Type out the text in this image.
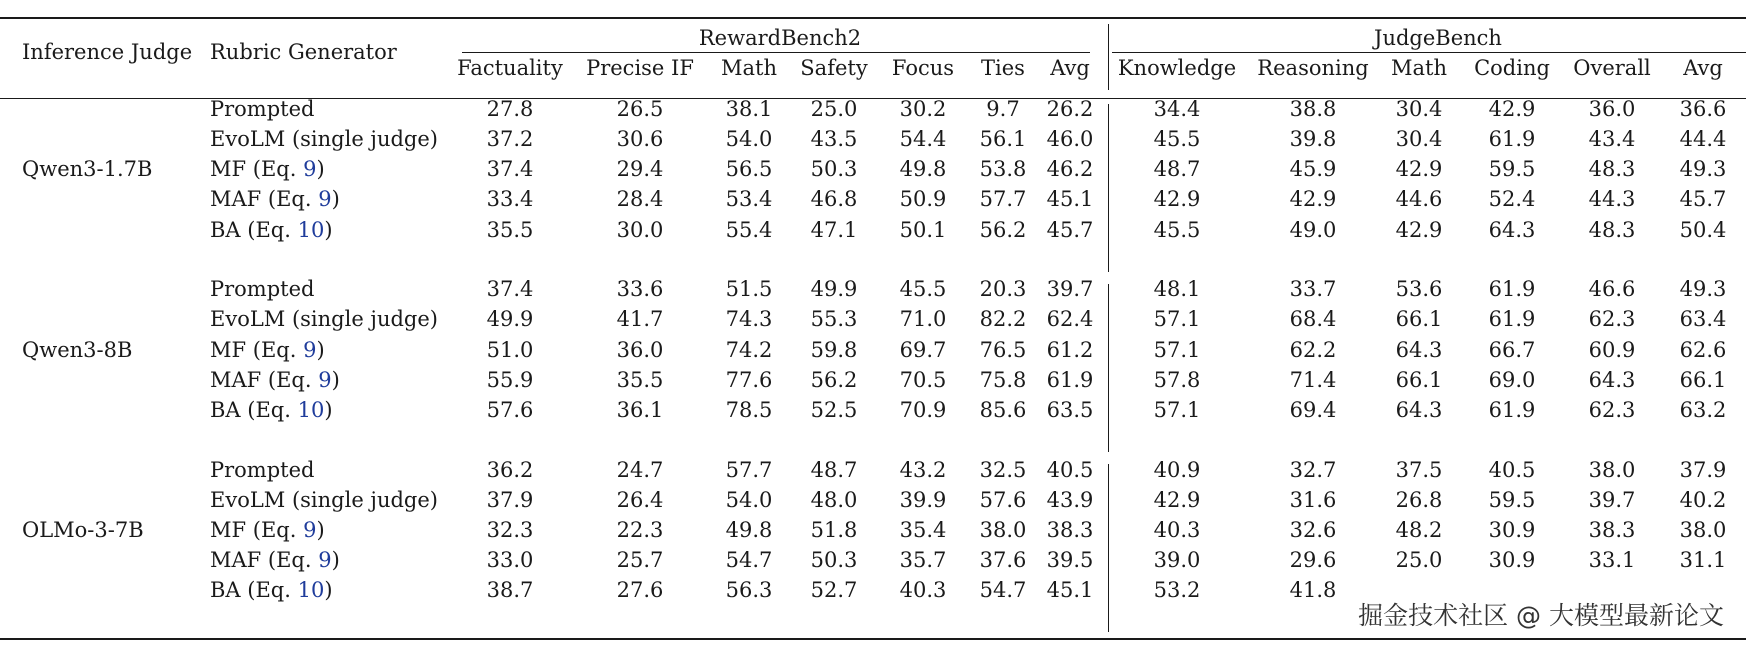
Inference Judge Rubric Generator
RewardBench2
Factuality Precise IF Math Safety Focus Ties Avg
JudgeBench
Knowledge Reasoning Math Coding Overall Avg
Qwen3-1.7B
Prompted	27.8	26.5	38.1 25.0 30.2 9.7 26.2	34.4	38.8	30.4 42.9	36.0 36.6
EvoLM (single judge) 37.2	30.6	54.0 43.5 54.4 56.1 46.0	45.5	39.8	30.4 61.9	43.4 44.4
MF (Eq. 9)	37.4	29.4	56.5 50.3 49.8 53.8 46.2	48.7	45.9	42.9 59.5	48.3 49.3
MAF (Eq. 9)	33.4	28.4	53.4 46.8 50.9 57.7 45.1	42.9	42.9	44.6 52.4	44.3 45.7
BA (Eq. 10)	35.5	30.0	55.4 47.1 50.1 56.2 45.7	45.5	49.0	42.9 64.3	48.3 50.4
Qwen3-8B
Prompted	37.4	33.6	51.5 49.9 45.5 20.3 39.7	48.1	33.7	53.6 61.9	46.6 49.3
EvoLM (single judge) 49.9	41.7	74.3 55.3 71.0 82.2 62.4	57.1	68.4	66.1 61.9	62.3 63.4
MF (Eq. 9)	51.0	36.0	74.2 59.8 69.7 76.5 61.2	57.1	62.2	64.3 66.7	60.9 62.6
MAF (Eq. 9)	55.9	35.5	77.6 56.2 70.5 75.8 61.9	57.8	71.4	66.1 69.0	64.3 66.1
BA (Eq. 10)	57.6	36.1	78.5 52.5 70.9 85.6 63.5	57.1	69.4	64.3 61.9	62.3 63.2
OLMo-3-7B
Prompted	36.2	24.7	57.7 48.7 43.2 32.5 40.5	40.9	32.7	37.5 40.5	38.0 37.9
EvoLM (single judge) 37.9	26.4	54.0 48.0 39.9 57.6 43.9	42.9	31.6	26.8 59.5	39.7 40.2
MF (Eq. 9)	32.3	22.3	49.8 51.8 35.4 38.0 38.3	40.3	32.6	48.2 30.9	38.3 38.0
MAF (Eq. 9)	33.0	25.7	54.7 50.3 35.7 37.6 39.5	39.0	29.6	25.0 30.9	33.1 31.1
BA (Eq. 10)	38.7	27.6	56.3 52.7 40.3 54.7 45.1	53.2	41.8
掘金技术社区 @ 大模型最新论文
